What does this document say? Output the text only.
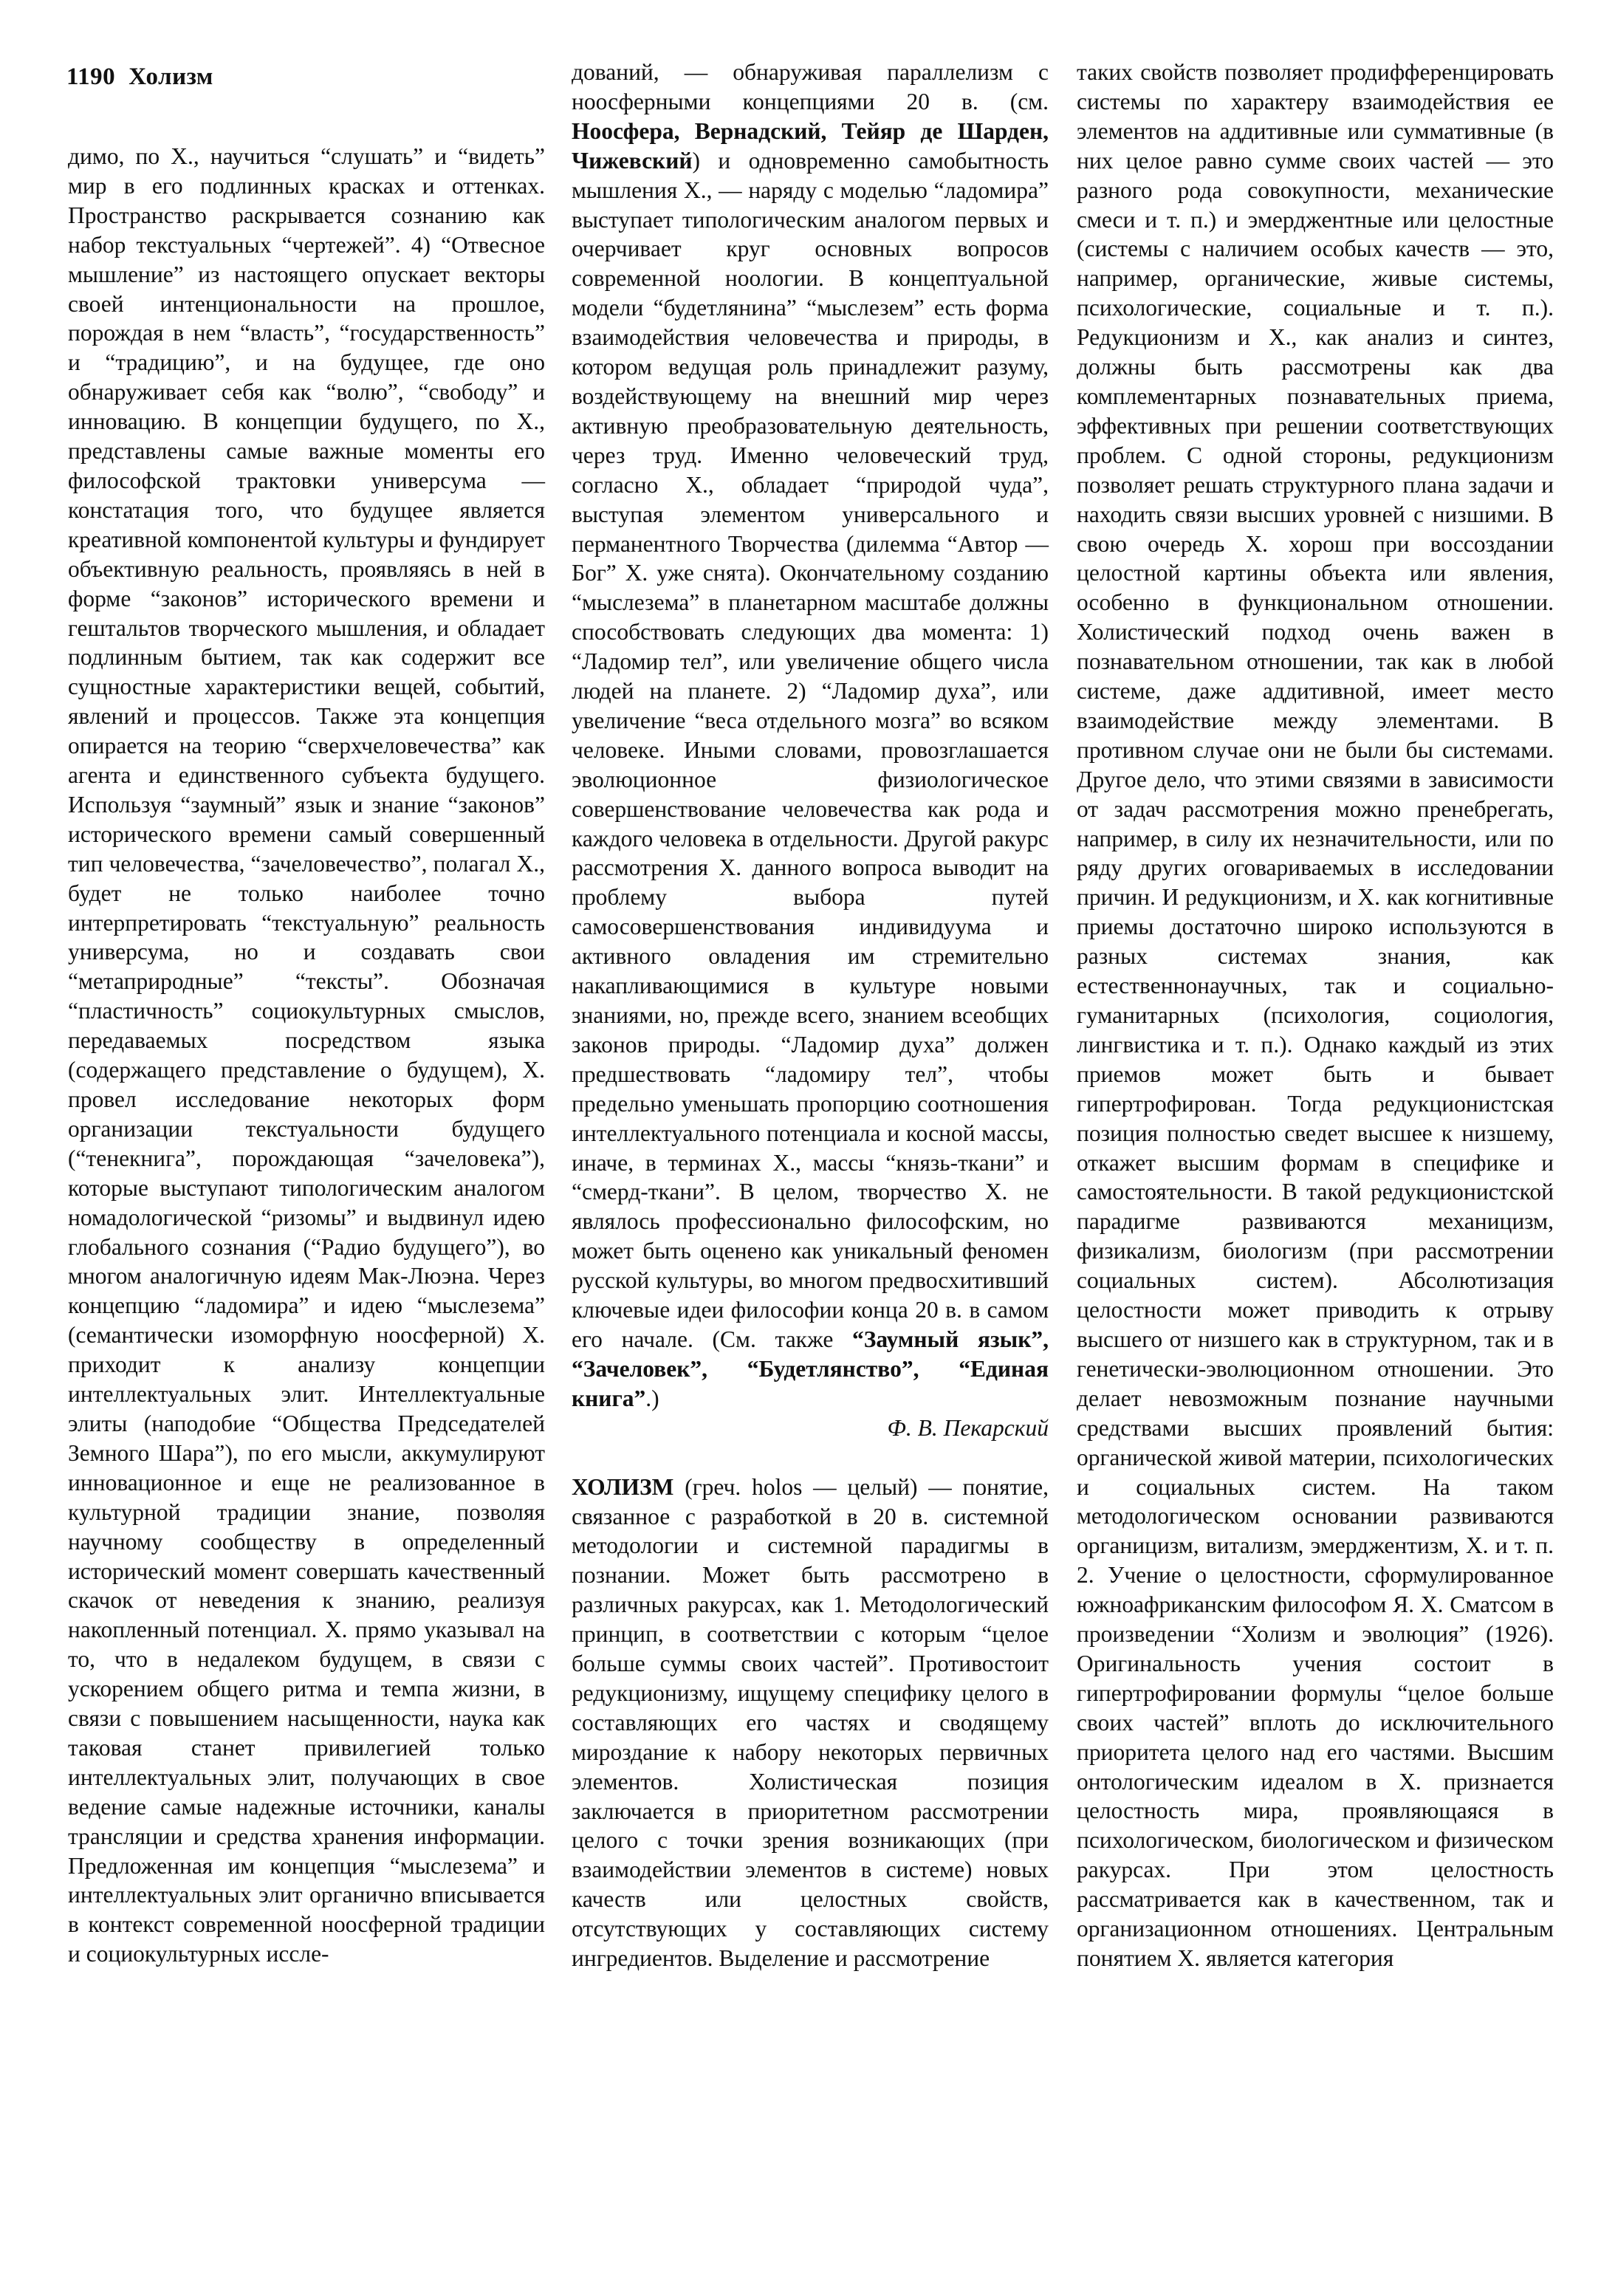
1190 Холизм

димо, по Х., научиться “слушать” и “видеть” мир в его подлинных красках и оттенках. Пространство раскрывается сознанию как набор текстуальных “чертежей”. 4) “Отвесное мышление” из настоящего опускает векторы своей интенциональности на прошлое, порождая в нем “власть”, “государственность” и “традицию”, и на будущее, где оно обнаруживает себя как “волю”, “свободу” и инновацию. В концепции будущего, по Х., представлены самые важные моменты его философской трактовки универсума — констатация того, что будущее является креативной компонентой культуры и фундирует объективную реальность, проявляясь в ней в форме “законов” исторического времени и гештальтов творческого мышления, и обладает подлинным бытием, так как содержит все сущностные характеристики вещей, событий, явлений и процессов. Также эта концепция опирается на теорию “сверхчеловечества” как агента и единственного субъекта будущего. Используя “заумный” язык и знание “законов” исторического времени самый совершенный тип человечества, “зачеловечество”, полагал Х., будет не только наиболее точно интерпретировать “текстуальную” реальность универсума, но и создавать свои “метаприродные” “тексты”. Обозначая “пластичность” социокультурных смыслов, передаваемых посредством языка (содержащего представление о будущем), Х. провел исследование некоторых форм организации текстуальности будущего (“тенекнига”, порождающая “зачеловека”), которые выступают типологическим аналогом номадологической “ризомы” и выдвинул идею глобального сознания (“Радио будущего”), во многом аналогичную идеям Мак-Люэна. Через концепцию “ладомира” и идею “мыслезема” (семантически изоморфную ноосферной) Х. приходит к анализу концепции интеллектуальных элит. Интеллектуальные элиты (наподобие “Общества Председателей Земного Шара”), по его мысли, аккумулируют инновационное и еще не реализованное в культурной традиции знание, позволяя научному сообществу в определенный исторический момент совершать качественный скачок от неведения к знанию, реализуя накопленный потенциал. Х. прямо указывал на то, что в недалеком будущем, в связи с ускорением общего ритма и темпа жизни, в связи с повышением насыщенности, наука как таковая станет привилегией только интеллектуальных элит, получающих в свое ведение самые надежные источники, каналы трансляции и средства хранения информации. Предложенная им концепция “мыслезема” и интеллектуальных элит органично вписывается в контекст современной ноосферной традиции и социокультурных иссле-

дований, — обнаруживая параллелизм с ноосферными концепциями 20 в. (см. Ноосфера, Вернадский, Тейяр де Шарден, Чижевский) и одновременно самобытность мышления Х., — наряду с моделью “ладомира” выступает типологическим аналогом первых и очерчивает круг основных вопросов современной ноологии. В концептуальной модели “будетлянина” “мыслезем” есть форма взаимодействия человечества и природы, в котором ведущая роль принадлежит разуму, воздействующему на внешний мир через активную преобразовательную деятельность, через труд. Именно человеческий труд, согласно Х., обладает “природой чуда”, выступая элементом универсального и перманентного Творчества (дилемма “Автор — Бог” Х. уже снята). Окончательному созданию “мыслезема” в планетарном масштабе должны способствовать следующих два момента: 1) “Ладомир тел”, или увеличение общего числа людей на планете. 2) “Ладомир духа”, или увеличение “веса отдельного мозга” во всяком человеке. Иными словами, провозглашается эволюционное физиологическое совершенствование человечества как рода и каждого человека в отдельности. Другой ракурс рассмотрения Х. данного вопроса выводит на проблему выбора путей самосовершенствования индивидуума и активного овладения им стремительно накапливающимися в культуре новыми знаниями, но, прежде всего, знанием всеобщих законов природы. “Ладомир духа” должен предшествовать “ладомиру тел”, чтобы предельно уменьшать пропорцию соотношения интеллектуального потенциала и косной массы, иначе, в терминах Х., массы “князь-ткани” и “смерд-ткани”. В целом, творчество Х. не являлось профессионально философским, но может быть оценено как уникальный феномен русской культуры, во многом предвосхитивший ключевые идеи философии конца 20 в. в самом его начале. (См. также “Заумный язык”, “Зачеловек”, “Будетлянство”, “Единая книга”.)

Ф. В. Пекарский

ХОЛИЗМ (греч. holos — целый) — понятие, связанное с разработкой в 20 в. системной методологии и системной парадигмы в познании. Может быть рассмотрено в различных ракурсах, как 1. Методологический принцип, в соответствии с которым “целое больше суммы своих частей”. Противостоит редукционизму, ищущему специфику целого в составляющих его частях и сводящему мироздание к набору некоторых первичных элементов. Холистическая позиция заключается в приоритетном рассмотрении целого с точки зрения возникающих (при взаимодействии элементов в системе) новых качеств или целостных свойств, отсутствующих у составляющих систему ингредиентов. Выделение и рассмотрение

таких свойств позволяет продифференцировать системы по характеру взаимодействия ее элементов на аддитивные или суммативные (в них целое равно сумме своих частей — это разного рода совокупности, механические смеси и т. п.) и эмерджентные или целостные (системы с наличием особых качеств — это, например, органические, живые системы, психологические, социальные и т. п.). Редукционизм и Х., как анализ и синтез, должны быть рассмотрены как два комплементарных познавательных приема, эффективных при решении соответствующих проблем. С одной стороны, редукционизм позволяет решать структурного плана задачи и находить связи высших уровней с низшими. В свою очередь Х. хорош при воссоздании целостной картины объекта или явления, особенно в функциональном отношении. Холистический подход очень важен в познавательном отношении, так как в любой системе, даже аддитивной, имеет место взаимодействие между элементами. В противном случае они не были бы системами. Другое дело, что этими связями в зависимости от задач рассмотрения можно пренебрегать, например, в силу их незначительности, или по ряду других оговариваемых в исследовании причин. И редукционизм, и Х. как когнитивные приемы достаточно широко используются в разных системах знания, как естественнонаучных, так и социально-гуманитарных (психология, социология, лингвистика и т. п.). Однако каждый из этих приемов может быть и бывает гипертрофирован. Тогда редукционистская позиция полностью сведет высшее к низшему, откажет высшим формам в специфике и самостоятельности. В такой редукционистской парадигме развиваются механицизм, физикализм, биологизм (при рассмотрении социальных систем). Абсолютизация целостности может приводить к отрыву высшего от низшего как в структурном, так и в генетически-эволюционном отношении. Это делает невозможным познание научными средствами высших проявлений бытия: органической живой материи, психологических и социальных систем. На таком методологическом основании развиваются органицизм, витализм, эмерджентизм, Х. и т. п. 2. Учение о целостности, сформулированное южноафриканским философом Я. Х. Сматсом в произведении “Холизм и эволюция” (1926). Оригинальность учения состоит в гипертрофировании формулы “целое больше своих частей” вплоть до исключительного приоритета целого над его частями. Высшим онтологическим идеалом в Х. признается целостность мира, проявляющаяся в психологическом, биологическом и физическом ракурсах. При этом целостность рассматривается как в качественном, так и организационном отношениях. Центральным понятием Х. является категория
